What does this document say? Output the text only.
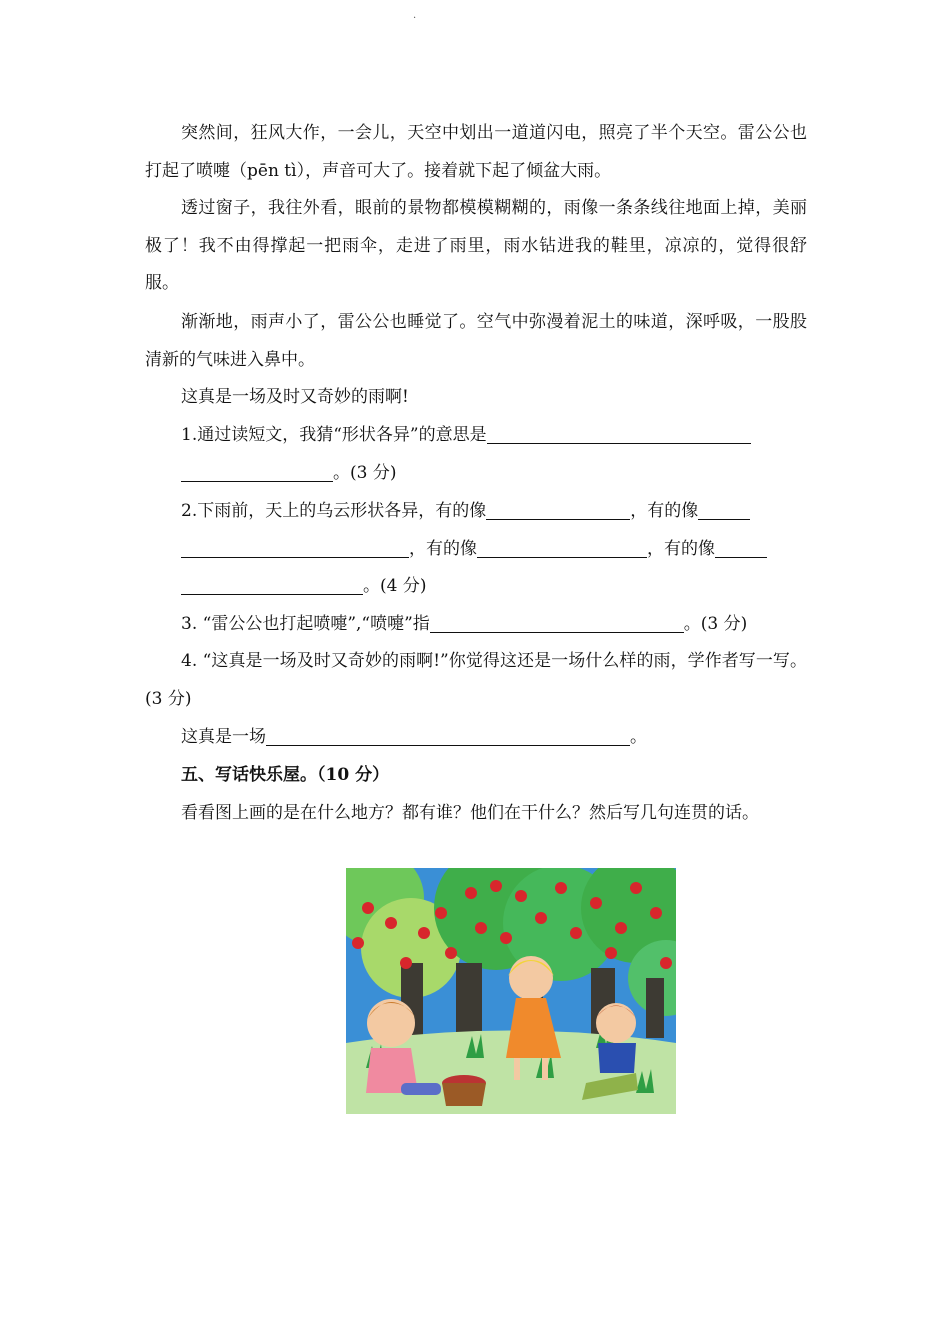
.

突然间，狂风大作，一会儿，天空中划出一道道闪电，照亮了半个天空。雷公公也打起了喷嚏（pēn tì），声音可大了。接着就下起了倾盆大雨。

透过窗子，我往外看，眼前的景物都模模糊糊的，雨像一条条线往地面上掉，美丽极了！我不由得撑起一把雨伞，走进了雨里，雨水钻进我的鞋里，凉凉的，觉得很舒服。

渐渐地，雨声小了，雷公公也睡觉了。空气中弥漫着泥土的味道，深呼吸，一股股清新的气味进入鼻中。

这真是一场及时又奇妙的雨啊!

1.通过读短文，我猜“形状各异”的意思是
。(3 分)
2.下雨前，天上的乌云形状各异，有的像	，有的像
，有的像	，有的像
。(4 分)
3. “雷公公也打起喷嚏”,“喷嚏”指	。(3 分)

4. “这真是一场及时又奇妙的雨啊!”你觉得这还是一场什么样的雨，学作者写一写。(3 分)

这真是一场	。
五、写话快乐屋。（10 分）

看看图上画的是在什么地方？都有谁？他们在干什么？然后写几句连贯的话。
